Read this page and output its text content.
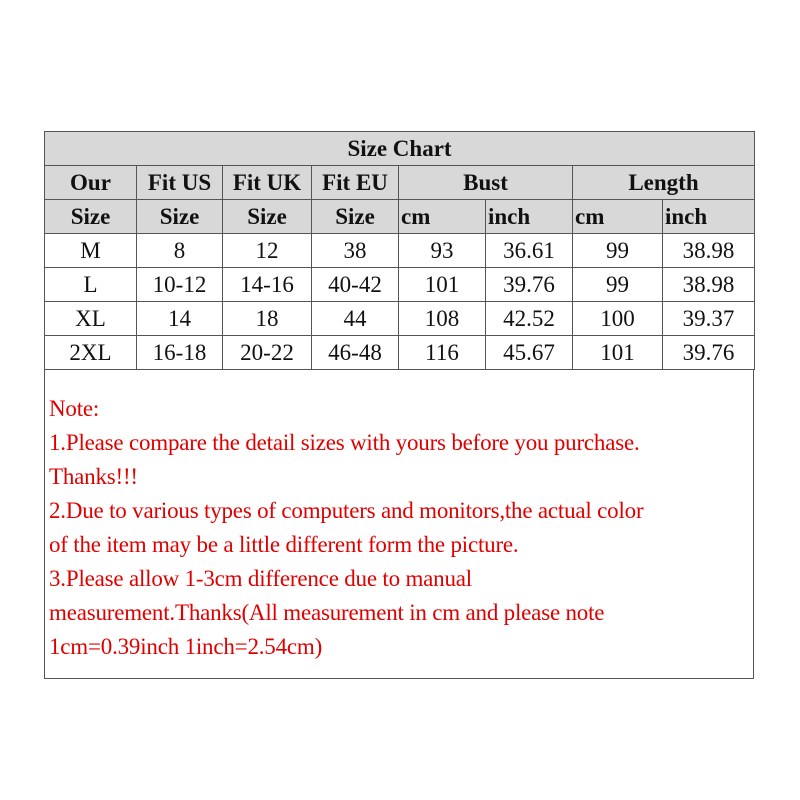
Size Chart							
Our	Fit US	Fit UK	Fit EU	Bust		Length	
Size	Size	Size	Size	cm	inch	cm	inch
M	8	12	38	93	36.61	99	38.98
L	10-12	14-16	40-42	101	39.76	99	38.98
XL	14	18	44	108	42.52	100	39.37
2XL	16-18	20-22	46-48	116	45.67	101	39.76
Note:
1.Please compare the detail sizes with yours before you purchase.
Thanks!!!
2.Due to various types of computers and monitors,the actual color
of the item may be a little different form the picture.
3.Please allow 1-3cm difference due to manual
measurement.Thanks(All measurement in cm and please note
1cm=0.39inch 1inch=2.54cm)
